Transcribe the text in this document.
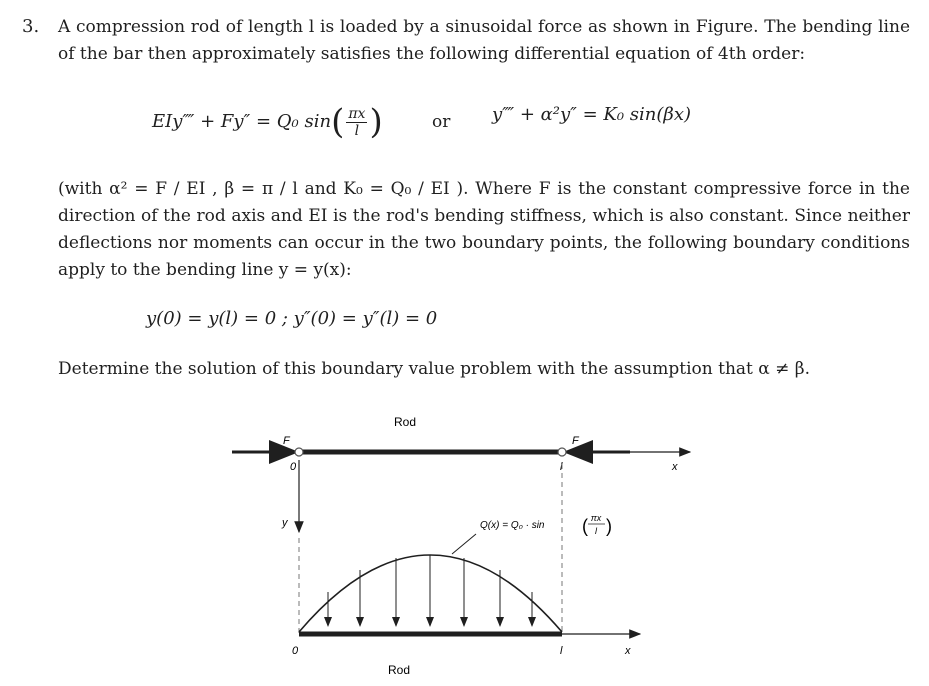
3. A compression rod of length l is loaded by a sinusoidal force as shown in Figure. The bending line of the bar then approximately satisfies the following differential equation of 4th order:
EIy⁗ + Fy″ = Q₀ $\sin( \frac{\pi x}{l}$ )	or y⁗ + α²y″ = K₀ sin(βx)
(with α² = F / EI , β = π / l and K₀ = Q₀ / EI ). Where F is the constant compressive force in the direction of the rod axis and EI is the rod's bending stiffness, which is also constant. Since neither deflections nor moments can occur in the two boundary points, the following boundary conditions apply to the bending line y = y(x):
y(0) = y(l) = 0 ; y″(0) = y″(l) = 0
Determine the solution of this boundary value problem with the assumption that α ≠ β.
Rod
F	F
0	l	x
y	Q(x) = Q₀ · sin
πx
l
( )
0	l	x
Rod
